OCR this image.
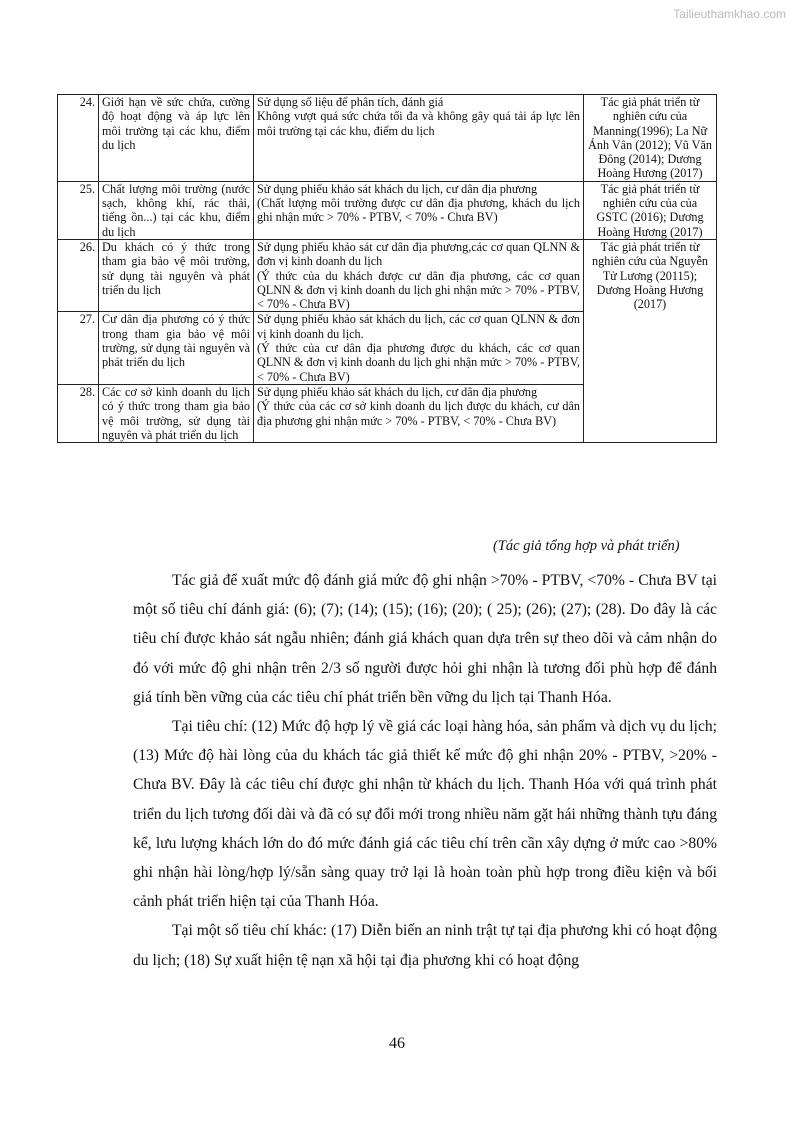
Tailieuthamkhao.com
24.	Giới hạn về sức chứa, cường độ hoạt động và áp lực lên môi trường tại các khu, điểm du lịch	Sử dụng số liệu để phân tích, đánh giá
Không vượt quá sức chứa tối đa và không gây quá tải áp lực lên môi trường tại các khu, điểm du lịch	Tác giả phát triển từ nghiên cứu của Manning(1996); La Nữ Ánh Vân (2012); Vũ Văn Đông (2014); Dương Hoàng Hương (2017)
25.	Chất lượng môi trường (nước sạch, không khí, rác thải, tiếng ồn...) tại các khu, điểm du lịch	Sử dụng phiếu khảo sát khách du lịch, cư dân địa phương
(Chất lượng môi trường được cư dân địa phương, khách du lịch ghi nhận mức > 70% - PTBV, < 70% - Chưa BV)	Tác giả phát triển từ nghiên cứu của của GSTC (2016); Dương Hoàng Hương (2017)
26.	Du khách có ý thức trong tham gia bảo vệ môi trường, sử dụng tài nguyên và phát triển du lịch	Sử dụng phiếu khảo sát cư dân địa phương,các cơ quan QLNN & đơn vị kinh doanh du lịch
(Ý thức của du khách được cư dân địa phương, các cơ quan QLNN & đơn vị kinh doanh du lịch ghi nhận mức > 70% - PTBV, < 70% - Chưa BV)	Tác giả phát triển từ nghiên cứu của Nguyễn Tử Lương (20115); Dương Hoàng Hương (2017)
27.	Cư dân địa phương có ý thức trong tham gia bảo vệ môi trường, sử dụng tài nguyên và phát triển du lịch	Sử dụng phiếu khảo sát khách du lịch, các cơ quan QLNN & đơn vị kinh doanh du lịch.
(Ý thức của cư dân địa phương được du khách, các cơ quan QLNN & đơn vị kinh doanh du lịch ghi nhận mức > 70% - PTBV, < 70% - Chưa BV)	
28.	Các cơ sở kinh doanh du lịch có ý thức trong tham gia bảo vệ môi trường, sử dụng tài nguyên và phát triển du lịch	Sử dụng phiếu khảo sát khách du lịch, cư dân địa phương
(Ý thức của các cơ sở kinh doanh du lịch được du khách, cư dân địa phương ghi nhận mức > 70% - PTBV, < 70% - Chưa BV)	
(Tác giả tổng hợp và phát triển)

Tác giả để xuất mức độ đánh giá mức độ ghi nhận >70% - PTBV, <70% - Chưa BV tại một số tiêu chí đánh giá: (6); (7); (14); (15); (16); (20); ( 25); (26); (27); (28). Do đây là các tiêu chí được khảo sát ngẫu nhiên; đánh giá khách quan dựa trên sự theo dõi và cảm nhận do đó với mức độ ghi nhận trên 2/3 số người được hỏi ghi nhận là tương đối phù hợp để đánh giá tính bền vững của các tiêu chí phát triển bền vững du lịch tại Thanh Hóa.

Tại tiêu chí: (12) Mức độ hợp lý về giá các loại hàng hóa, sản phẩm và dịch vụ du lịch; (13) Mức độ hài lòng của du khách tác giả thiết kế mức độ ghi nhận 20% - PTBV, >20% - Chưa BV. Đây là các tiêu chí được ghi nhận từ khách du lịch. Thanh Hóa với quá trình phát triển du lịch tương đối dài và đã có sự đổi mới trong nhiều năm gặt hái những thành tựu đáng kể, lưu lượng khách lớn do đó mức đánh giá các tiêu chí trên cần xây dựng ở mức cao >80% ghi nhận hài lòng/hợp lý/sẵn sàng quay trở lại là hoàn toàn phù hợp trong điều kiện và bối cảnh phát triển hiện tại của Thanh Hóa.

Tại một số tiêu chí khác: (17) Diễn biến an ninh trật tự tại địa phương khi có hoạt động du lịch; (18) Sự xuất hiện tệ nạn xã hội tại địa phương khi có hoạt động

46
